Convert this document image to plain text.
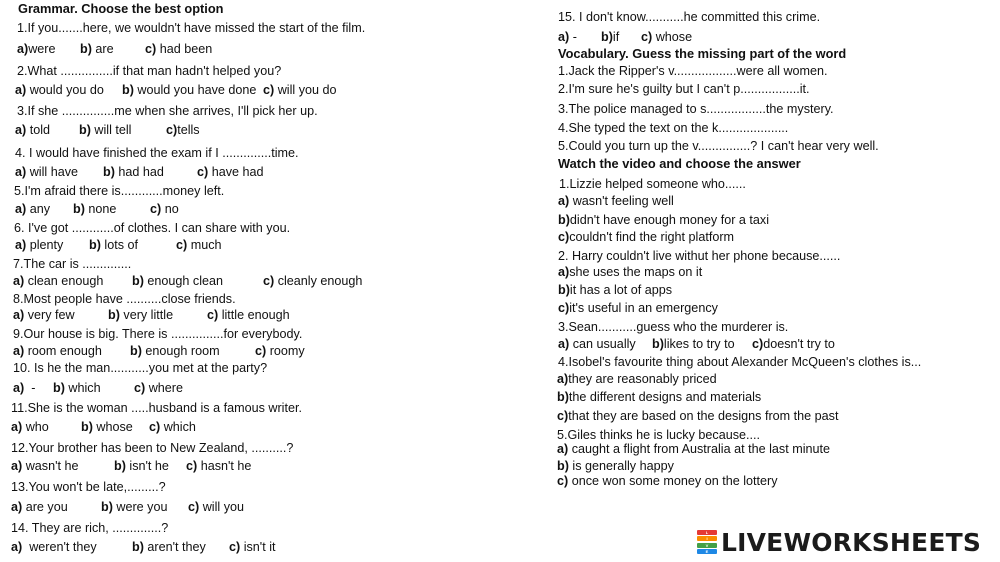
Grammar. Choose the best option
1.If you.......here, we wouldn't have missed the start of the film.
a)were b) are c) had been
2.What ...............if that man hadn't helped you?
a) would you do b) would you have done c) will you do
3.If she ...............me when she arrives, I'll pick her up.
a) told b) will tell	c)tells
4. I would have finished the exam if I ..............time.
a) will have b) had had	c) have had
5.I'm afraid there is............money left.
a) any b) none	c) no
6. I've got ............of clothes. I can share with you.
a) plenty b) lots of	c) much
7.The car is ..............
a) clean enough b) enough clean	c) cleanly enough
8.Most people have ..........close friends.
a) very few	b) very little	c) little enough
9.Our house is big. There is ...............for everybody.
a) room enough b) enough room	c) roomy
10. Is he the man...........you met at the party?
a) - b) which	c) where
11.She is the woman .....husband is a famous writer.
a) who	b) whose c) which
12.Your brother has been to New Zealand, ..........?
a) wasn't he	b) isn't he c) hasn't he
13.You won't be late,.........?
a) are you	b) were you c) will you
14. They are rich, ..............?
a) weren't they	b) aren't they c) isn't it
15. I don't know...........he committed this crime.
a) - b)if c) whose
Vocabulary. Guess the missing part of the word
1.Jack the Ripper's v..................were all women.
2.I'm sure he's guilty but I can't p.................it.
3.The police managed to s.................the mystery.
4.She typed the text on the k....................
5.Could you turn up the v...............? I can't hear very well.
Watch the video and choose the answer
1.Lizzie helped someone who......
a) wasn't feeling well
b)didn't have enough money for a taxi
c)couldn't find the right platform
2. Harry couldn't live withut her phone because......
a)she uses the maps on it
b)it has a lot of apps
c)it's useful in an emergency
3.Sean...........guess who the murderer is.
a) can usually b)likes to try to c)doesn't try to
4.Isobel's favourite thing about Alexander McQueen's clothes is...
a)they are reasonably priced
b)the different designs and materials
c)that they are based on the designs from the past
5.Giles thinks he is lucky because....
a) caught a flight from Australia at the last minute
b) is generally happy
c) once won some money on the lottery
L
I
V
E LIVEWORKSHEETS
